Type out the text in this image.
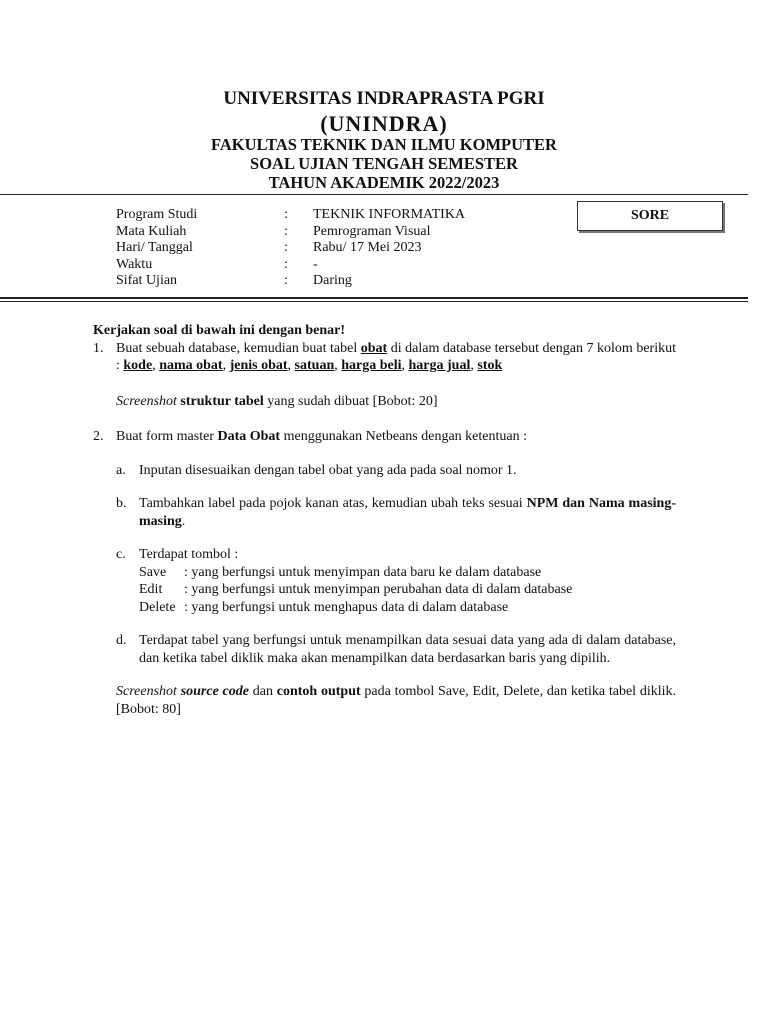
UNIVERSITAS INDRAPRASTA PGRI
(UNINDRA)
FAKULTAS TEKNIK DAN ILMU KOMPUTER
SOAL UJIAN TENGAH SEMESTER
TAHUN AKADEMIK 2022/2023
Program Studi	: TEKNIK INFORMATIKA
Mata Kuliah	: Pemrograman Visual
Hari/ Tanggal	: Rabu/ 17 Mei 2023
Waktu	: -
Sifat Ujian	: Daring
SORE

Kerjakan soal di bawah ini dengan benar!

1. Buat sebuah database, kemudian buat tabel obat di dalam database tersebut dengan 7 kolom berikut : kode, nama obat, jenis obat, satuan, harga beli, harga jual, stok

Screenshot struktur tabel yang sudah dibuat [Bobot: 20]

2. Buat form master Data Obat menggunakan Netbeans dengan ketentuan :
a. Inputan disesuaikan dengan tabel obat yang ada pada soal nomor 1.
b. Tambahkan label pada pojok kanan atas, kemudian ubah teks sesuai NPM dan Nama masing-masing.
c. Terdapat tombol :
Save : yang berfungsi untuk menyimpan data baru ke dalam database
Edit : yang berfungsi untuk menyimpan perubahan data di dalam database
Delete : yang berfungsi untuk menghapus data di dalam database
d. Terdapat tabel yang berfungsi untuk menampilkan data sesuai data yang ada di dalam database, dan ketika tabel diklik maka akan menampilkan data berdasarkan baris yang dipilih.

Screenshot source code dan contoh output pada tombol Save, Edit, Delete, dan ketika tabel diklik. [Bobot: 80]
